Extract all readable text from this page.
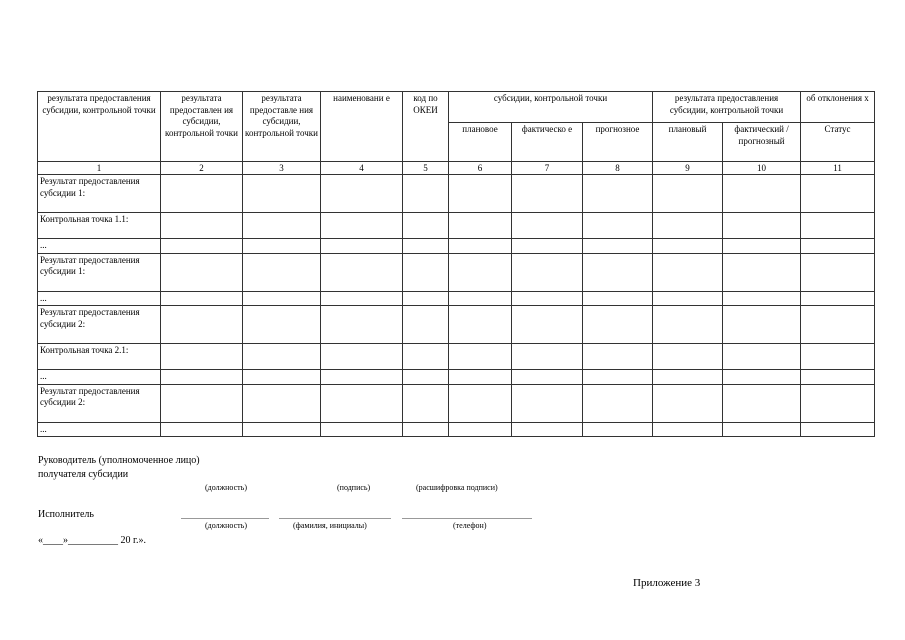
результата предоставления субсидии, контрольной точки	результата предоставлен ия субсидии, контрольной точки	результата предоставле ния субсидии, контрольной точки	наименовани е	код по ОКЕИ	субсидии, контрольной точки			результата предоставления субсидии, контрольной точки		об отклонения х
					плановое	фактическо е	прогнозное	плановый	фактический / прогнозный	Статус
1	2	3	4	5	6	7	8	9	10	11
Результат предоставления субсидии 1:										
Контрольная точка 1.1:										
...										
Результат предоставления субсидии 1:										
...										
Результат предоставления субсидии 2:										
Контрольная точка 2.1:										
...										
Результат предоставления субсидии 2:										
...										
Руководитель (уполномоченное лицо)
получателя субсидии
(должность)	(подпись)	(расшифровка подписи)
Исполнитель
(должность)	(фамилия, инициалы)	(телефон)
«____»__________ 20 г.».
Приложение 3
